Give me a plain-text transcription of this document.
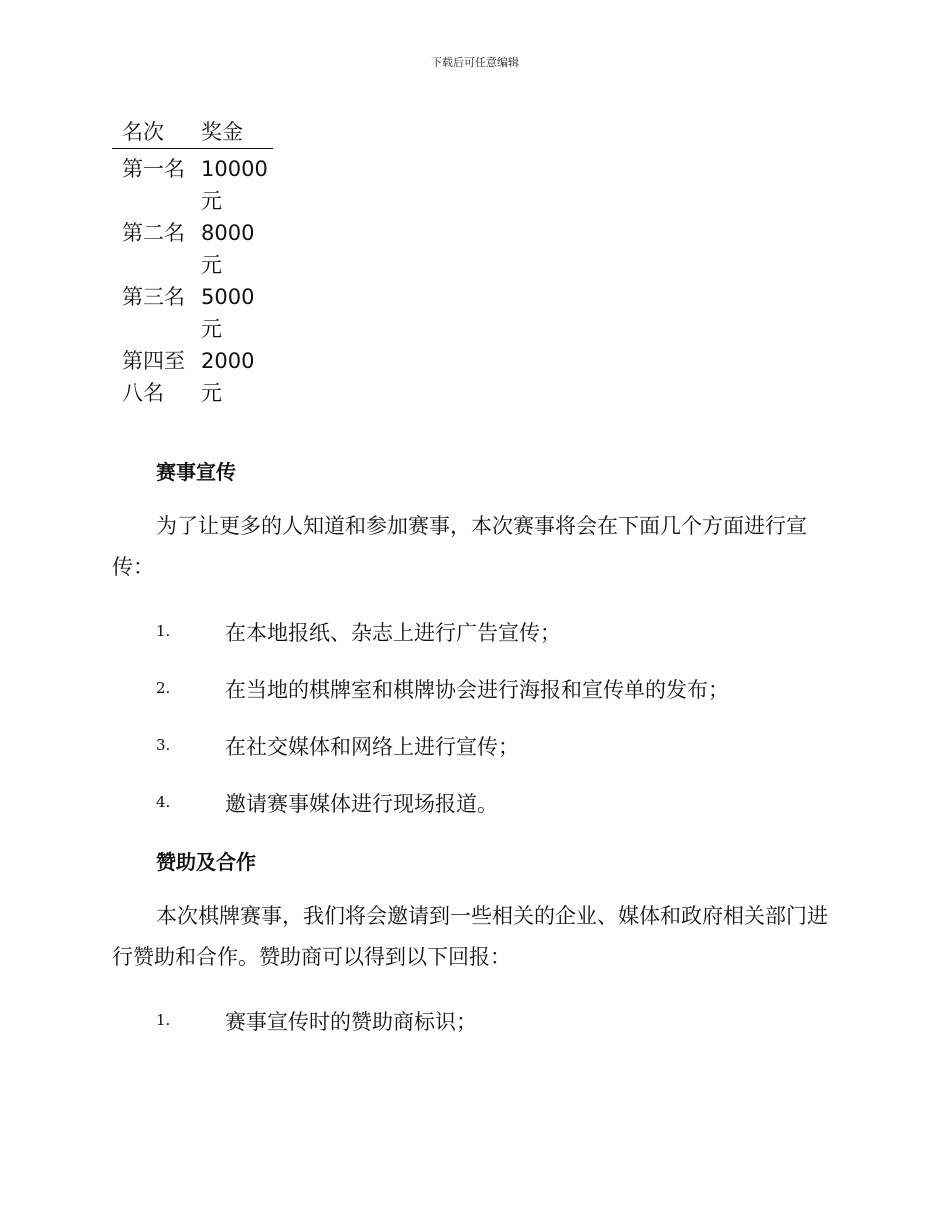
下载后可任意编辑
名次	奖金

第一名	10000元

第二名	8000元

第三名	5000元

第四至八名	2000元
赛事宣传
为了让更多的人知道和参加赛事，本次赛事将会在下面几个方面进行宣传：
1.	在本地报纸、杂志上进行广告宣传；
2.	在当地的棋牌室和棋牌协会进行海报和宣传单的发布；
3.	在社交媒体和网络上进行宣传；
4.	邀请赛事媒体进行现场报道。
赞助及合作
本次棋牌赛事，我们将会邀请到一些相关的企业、媒体和政府相关部门进行赞助和合作。赞助商可以得到以下回报：
1.	赛事宣传时的赞助商标识；
